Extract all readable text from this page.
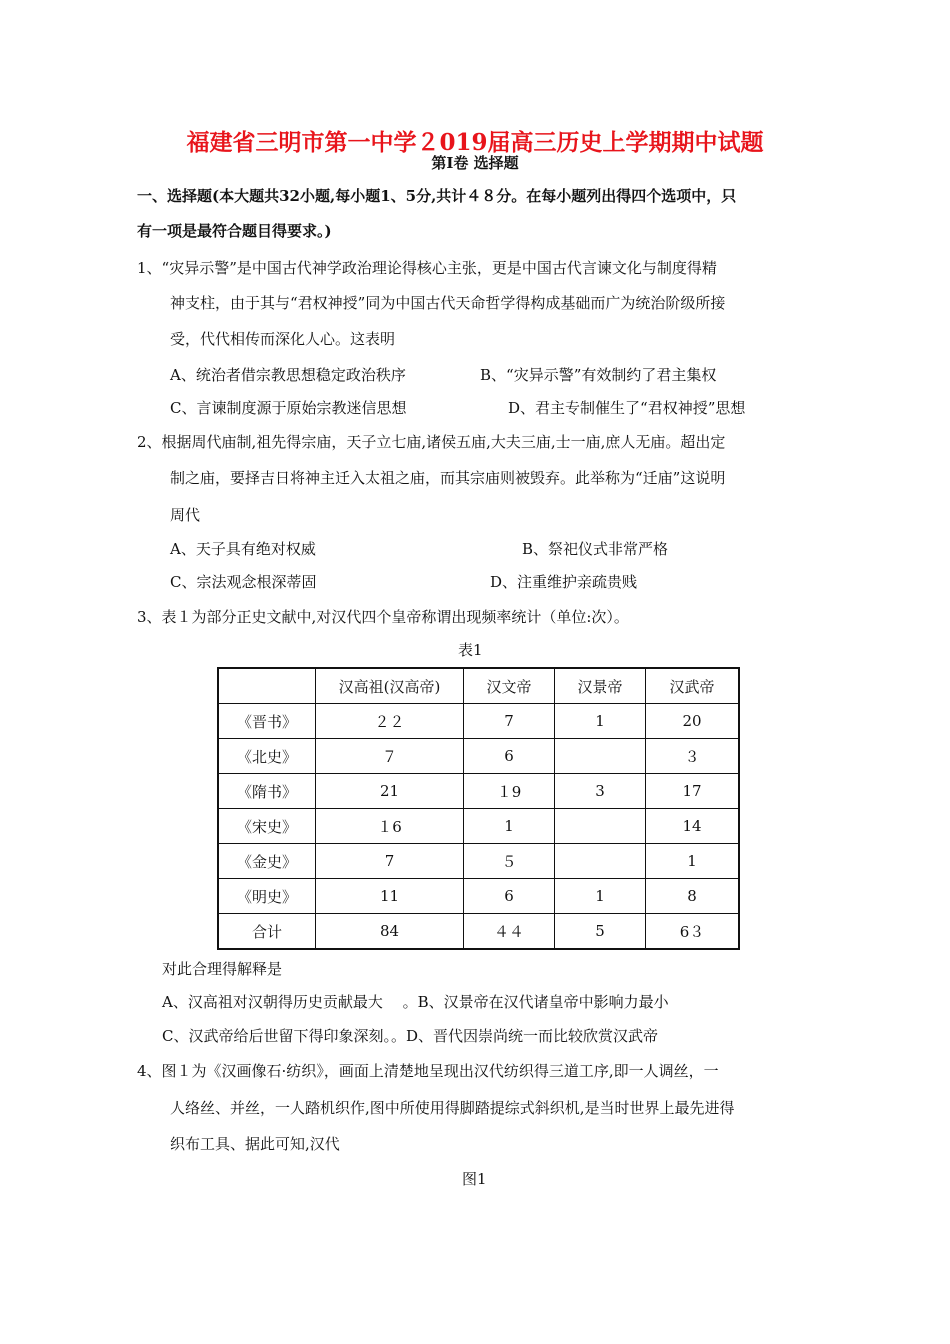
福建省三明市第一中学２019届高三历史上学期期中试题
第Ⅰ卷 选择题
一、选择题(本大题共32小题,每小题1、5分,共计４８分。在每小题列出得四个选项中，只
有一项是最符合题目得要求。)
1、“灾异示警”是中国古代神学政治理论得核心主张，更是中国古代言谏文化与制度得精
神支柱，由于其与“君权神授”同为中国古代天命哲学得构成基础而广为统治阶级所接
受，代代相传而深化人心。这表明
A、统治者借宗教思想稳定政治秩序	B、“灾异示警”有效制约了君主集权
C、言谏制度源于原始宗教迷信思想	D、君主专制催生了“君权神授”思想
2、根据周代庙制,祖先得宗庙，天子立七庙,诸侯五庙,大夫三庙,士一庙,庶人无庙。超出定
制之庙，要择吉日将神主迁入太祖之庙，而其宗庙则被毁弃。此举称为“迁庙”这说明
周代
A、天子具有绝对权威	B、祭祀仪式非常严格
C、宗法观念根深蒂固	D、注重维护亲疏贵贱
3、表１为部分正史文献中,对汉代四个皇帝称谓出现频率统计（单位:次）。
表1
	汉高祖(汉高帝)	汉文帝	汉景帝	汉武帝
《晋书》	２２	7	1	20
《北史》	７	6		３
《隋书》	21	１9	3	17
《宋史》	１6	1		14
《金史》	7	５		1
《明史》	11	6	1	8
合计	84	４４	5	6３
对此合理得解释是
A、汉高祖对汉朝得历史贡献最大　 。B、汉景帝在汉代诸皇帝中影响力最小
C、汉武帝给后世留下得印象深刻。。D、晋代因崇尚统一而比较欣赏汉武帝
4、图１为《汉画像石·纺织》，画面上清楚地呈现出汉代纺织得三道工序,即一人调丝，一
人络丝、并丝，一人踏机织作,图中所使用得脚踏提综式斜织机,是当时世界上最先进得
织布工具、据此可知,汉代
图1
